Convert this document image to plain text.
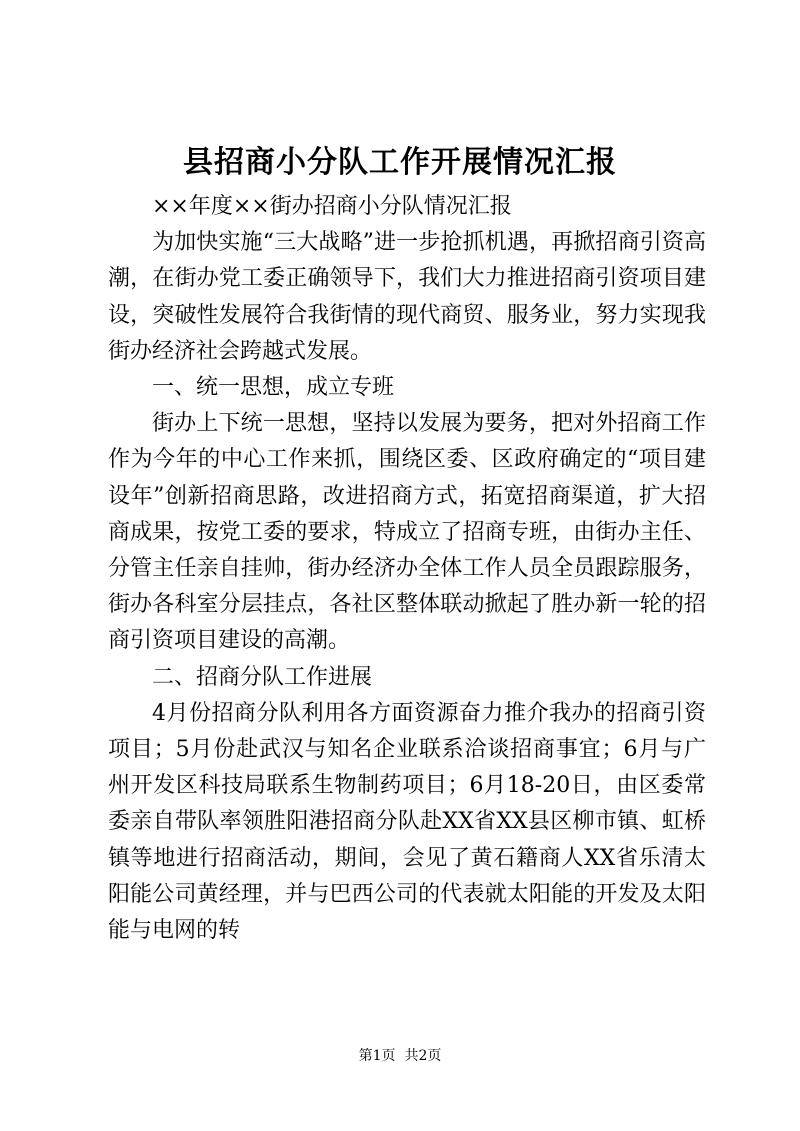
县招商小分队工作开展情况汇报

××年度××街办招商小分队情况汇报

为加快实施“三大战略”进一步抢抓机遇，再掀招商引资高潮，在街办党工委正确领导下，我们大力推进招商引资项目建设，突破性发展符合我街情的现代商贸、服务业，努力实现我街办经济社会跨越式发展。

一、统一思想，成立专班

街办上下统一思想，坚持以发展为要务，把对外招商工作作为今年的中心工作来抓，围绕区委、区政府确定的“项目建设年”创新招商思路，改进招商方式，拓宽招商渠道，扩大招商成果，按党工委的要求，特成立了招商专班，由街办主任、分管主任亲自挂帅，街办经济办全体工作人员全员跟踪服务，街办各科室分层挂点，各社区整体联动掀起了胜办新一轮的招商引资项目建设的高潮。

二、招商分队工作进展

4月份招商分队利用各方面资源奋力推介我办的招商引资项目；5月份赴武汉与知名企业联系洽谈招商事宜；6月与广州开发区科技局联系生物制药项目；6月18-20日，由区委常委亲自带队率领胜阳港招商分队赴XX省XX县区柳市镇、虹桥镇等地进行招商活动，期间，会见了黄石籍商人XX省乐清太阳能公司黄经理，并与巴西公司的代表就太阳能的开发及太阳能与电网的转

第1页 共2页
